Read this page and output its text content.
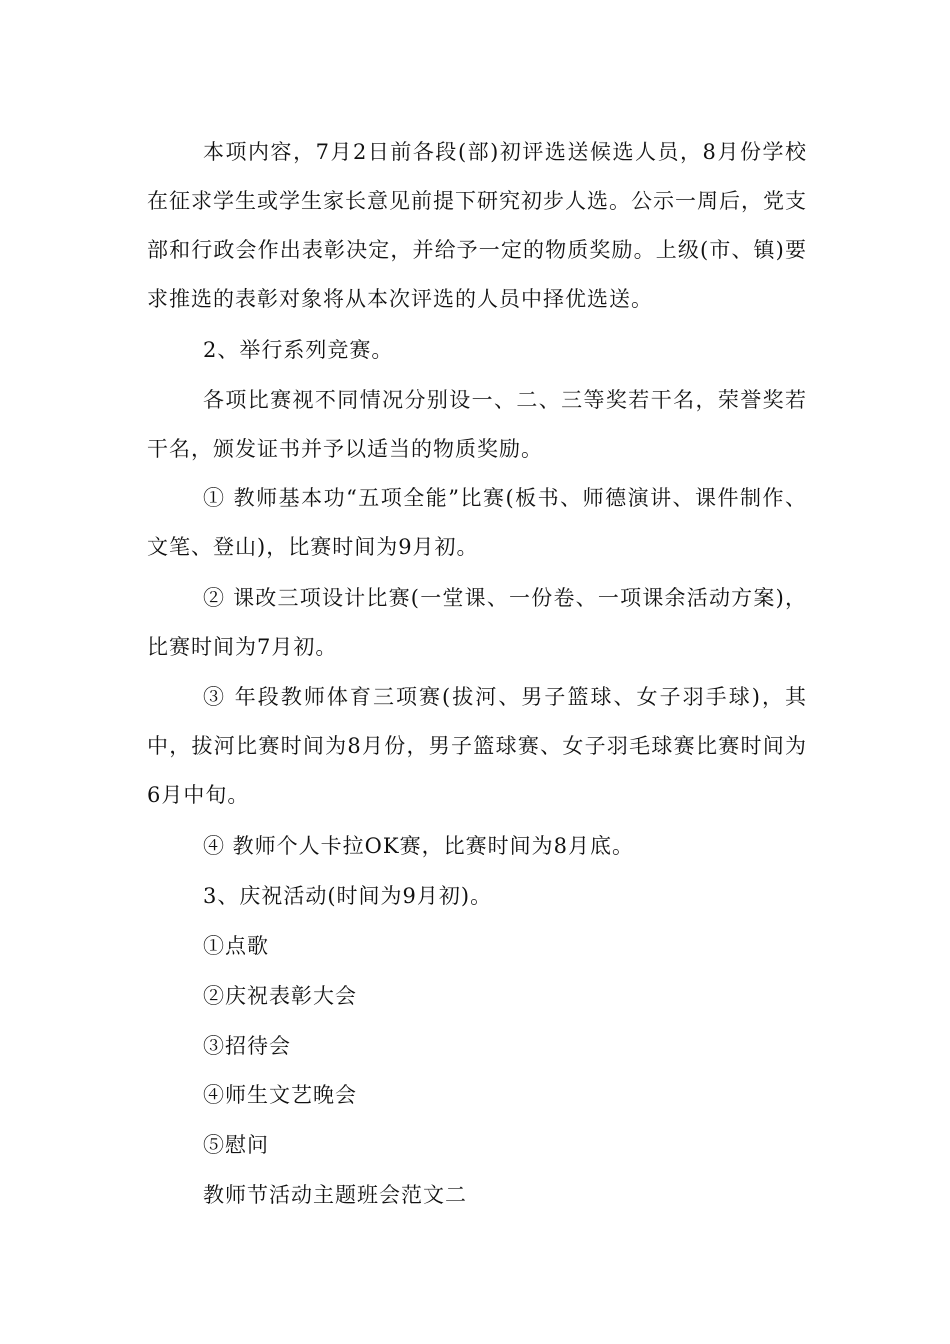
本项内容，7月2日前各段(部)初评选送候选人员，8月份学校在征求学生或学生家长意见前提下研究初步人选。公示一周后，党支部和行政会作出表彰决定，并给予一定的物质奖励。上级(市、镇)要求推选的表彰对象将从本次评选的人员中择优选送。

2、举行系列竞赛。

各项比赛视不同情况分别设一、二、三等奖若干名，荣誉奖若干名，颁发证书并予以适当的物质奖励。

① 教师基本功“五项全能”比赛(板书、师德演讲、课件制作、文笔、登山)，比赛时间为9月初。

② 课改三项设计比赛(一堂课、一份卷、一项课余活动方案)，比赛时间为7月初。

③ 年段教师体育三项赛(拔河、男子篮球、女子羽手球)，其中，拔河比赛时间为8月份，男子篮球赛、女子羽毛球赛比赛时间为6月中旬。

④ 教师个人卡拉OK赛，比赛时间为8月底。

3、庆祝活动(时间为9月初)。

①点歌

②庆祝表彰大会

③招待会

④师生文艺晚会

⑤慰问

教师节活动主题班会范文二
